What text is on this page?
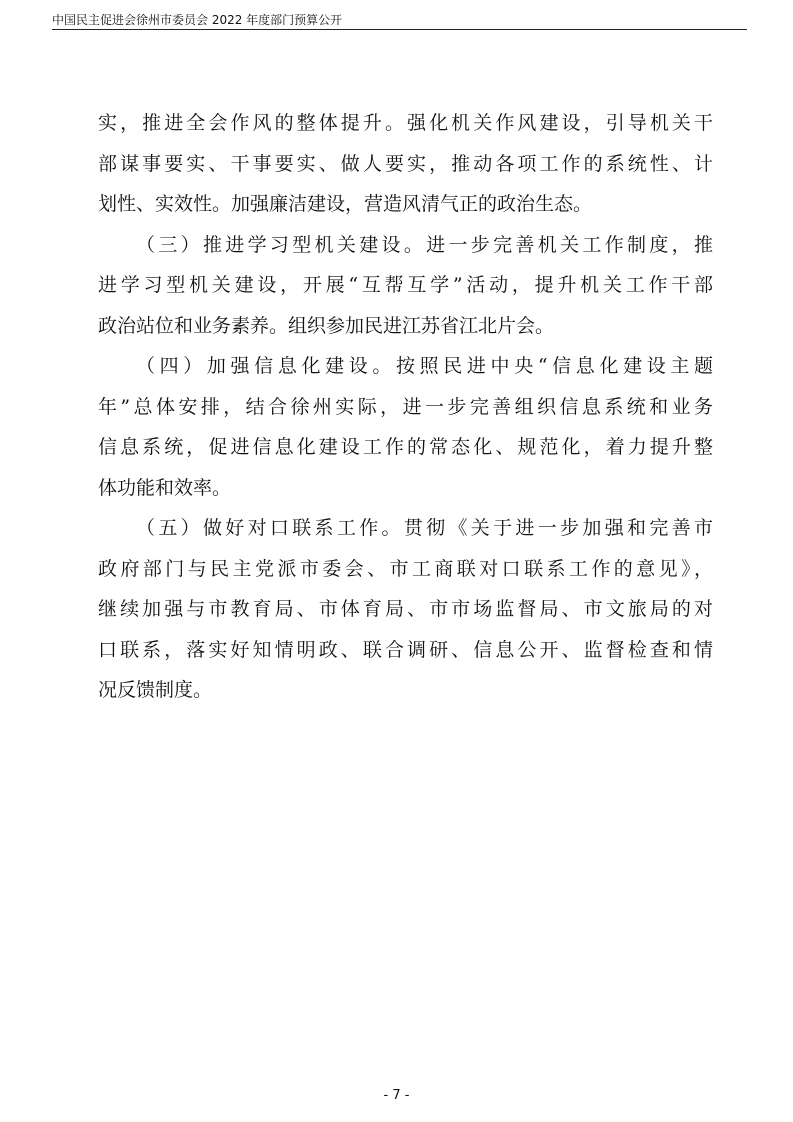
中国民主促进会徐州市委员会 2022 年度部门预算公开
实，推进全会作风的整体提升。强化机关作风建设，引导机关干
部谋事要实、干事要实、做人要实，推动各项工作的系统性、计
划性、实效性。加强廉洁建设，营造风清气正的政治生态。
（三）推进学习型机关建设。进一步完善机关工作制度，推
进学习型机关建设，开展“互帮互学”活动，提升机关工作干部
政治站位和业务素养。组织参加民进江苏省江北片会。
（四）加强信息化建设。按照民进中央“信息化建设主题
年”总体安排，结合徐州实际，进一步完善组织信息系统和业务
信息系统，促进信息化建设工作的常态化、规范化，着力提升整
体功能和效率。
（五）做好对口联系工作。贯彻《关于进一步加强和完善市
政府部门与民主党派市委会、市工商联对口联系工作的意见》，
继续加强与市教育局、市体育局、市市场监督局、市文旅局的对
口联系，落实好知情明政、联合调研、信息公开、监督检查和情
况反馈制度。
- 7 -
